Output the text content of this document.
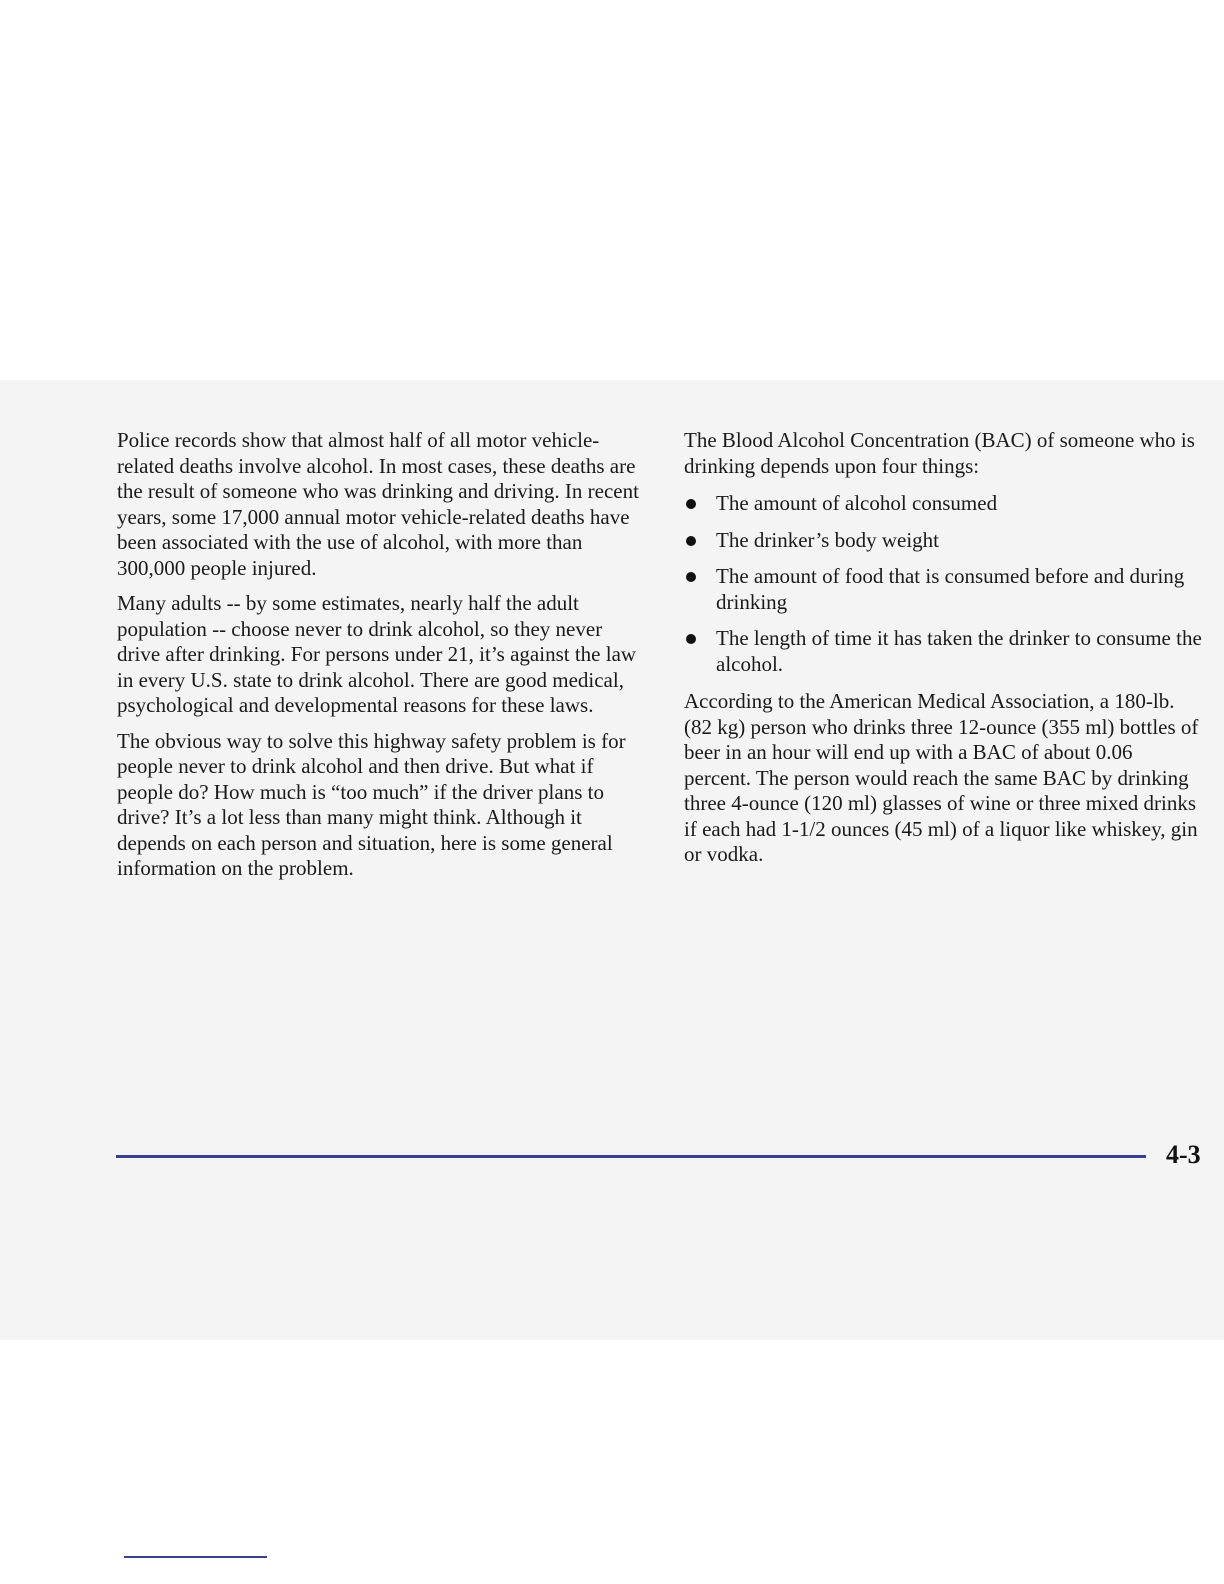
Police records show that almost half of all motor vehicle-related deaths involve alcohol. In most cases, these deaths are the result of someone who was drinking and driving. In recent years, some 17,000 annual motor vehicle-related deaths have been associated with the use of alcohol, with more than 300,000 people injured.

Many adults -- by some estimates, nearly half the adult population -- choose never to drink alcohol, so they never drive after drinking. For persons under 21, it’s against the law in every U.S. state to drink alcohol. There are good medical, psychological and developmental reasons for these laws.

The obvious way to solve this highway safety problem is for people never to drink alcohol and then drive. But what if people do? How much is “too much” if the driver plans to drive? It’s a lot less than many might think. Although it depends on each person and situation, here is some general information on the problem.

The Blood Alcohol Concentration (BAC) of someone who is drinking depends upon four things:

The amount of alcohol consumed
The drinker’s body weight
The amount of food that is consumed before and during drinking
The length of time it has taken the drinker to consume the alcohol.

According to the American Medical Association, a 180-lb. (82 kg) person who drinks three 12-ounce (355 ml) bottles of beer in an hour will end up with a BAC of about 0.06 percent. The person would reach the same BAC by drinking three 4-ounce (120 ml) glasses of wine or three mixed drinks if each had 1-1/2 ounces (45 ml) of a liquor like whiskey, gin or vodka.

4-3
